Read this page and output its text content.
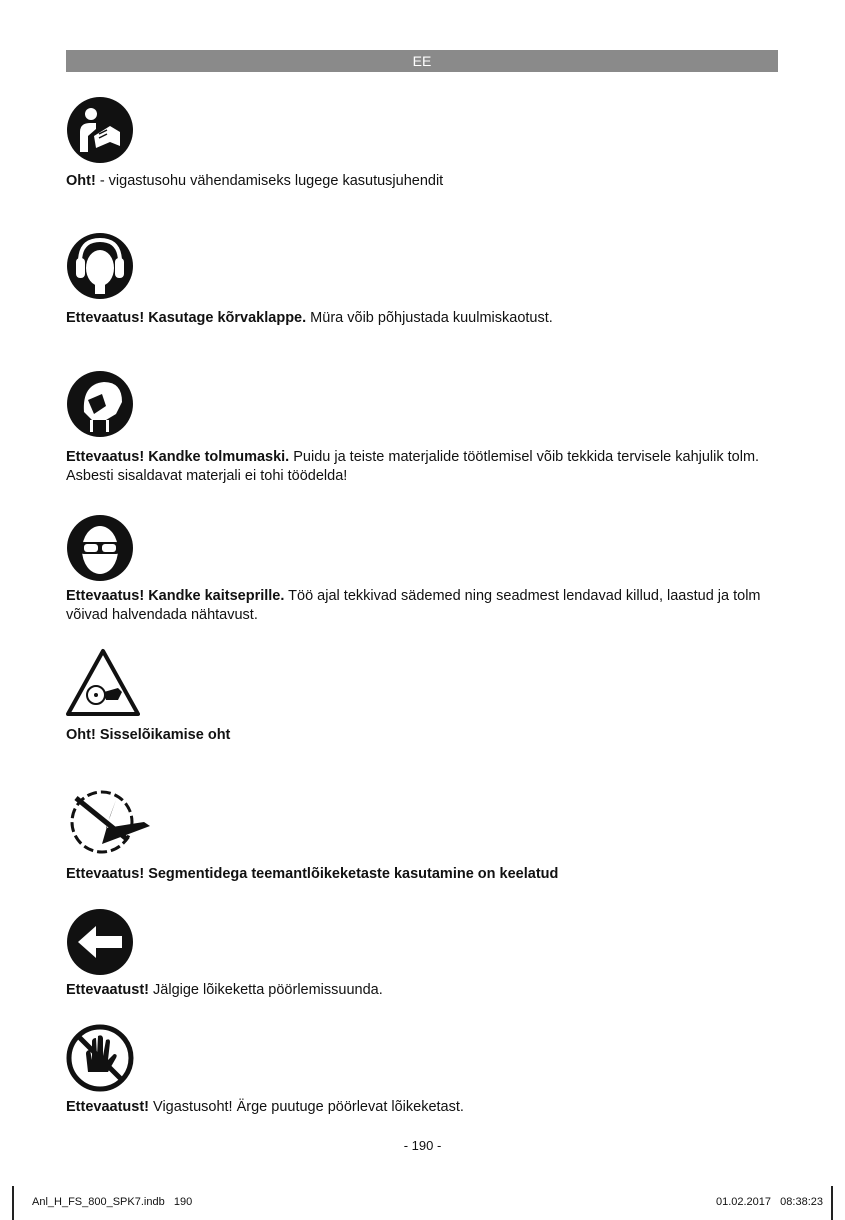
EE
Oht! - vigastusohu vähendamiseks lugege kasutusjuhendit
Ettevaatus! Kasutage kõrvaklappe. Müra võib põhjustada kuulmiskaotust.
Ettevaatus! Kandke tolmumaski. Puidu ja teiste materjalide töötlemisel võib tekkida tervisele kahjulik tolm. Asbesti sisaldavat materjali ei tohi töödelda!
Ettevaatus! Kandke kaitseprille. Töö ajal tekkivad sädemed ning seadmest lendavad killud, laastud ja tolm võivad halvendada nähtavust.
Oht! Sisselõikamise oht
Ettevaatus! Segmentidega teemantlõikeketaste kasutamine on keelatud
Ettevaatust! Jälgige lõikeketta pöörlemissuunda.
Ettevaatust! Vigastusoht! Ärge puutuge pöörlevat lõikeketast.
- 190 -
Anl_H_FS_800_SPK7.indb   190	01.02.2017   08:38:23
